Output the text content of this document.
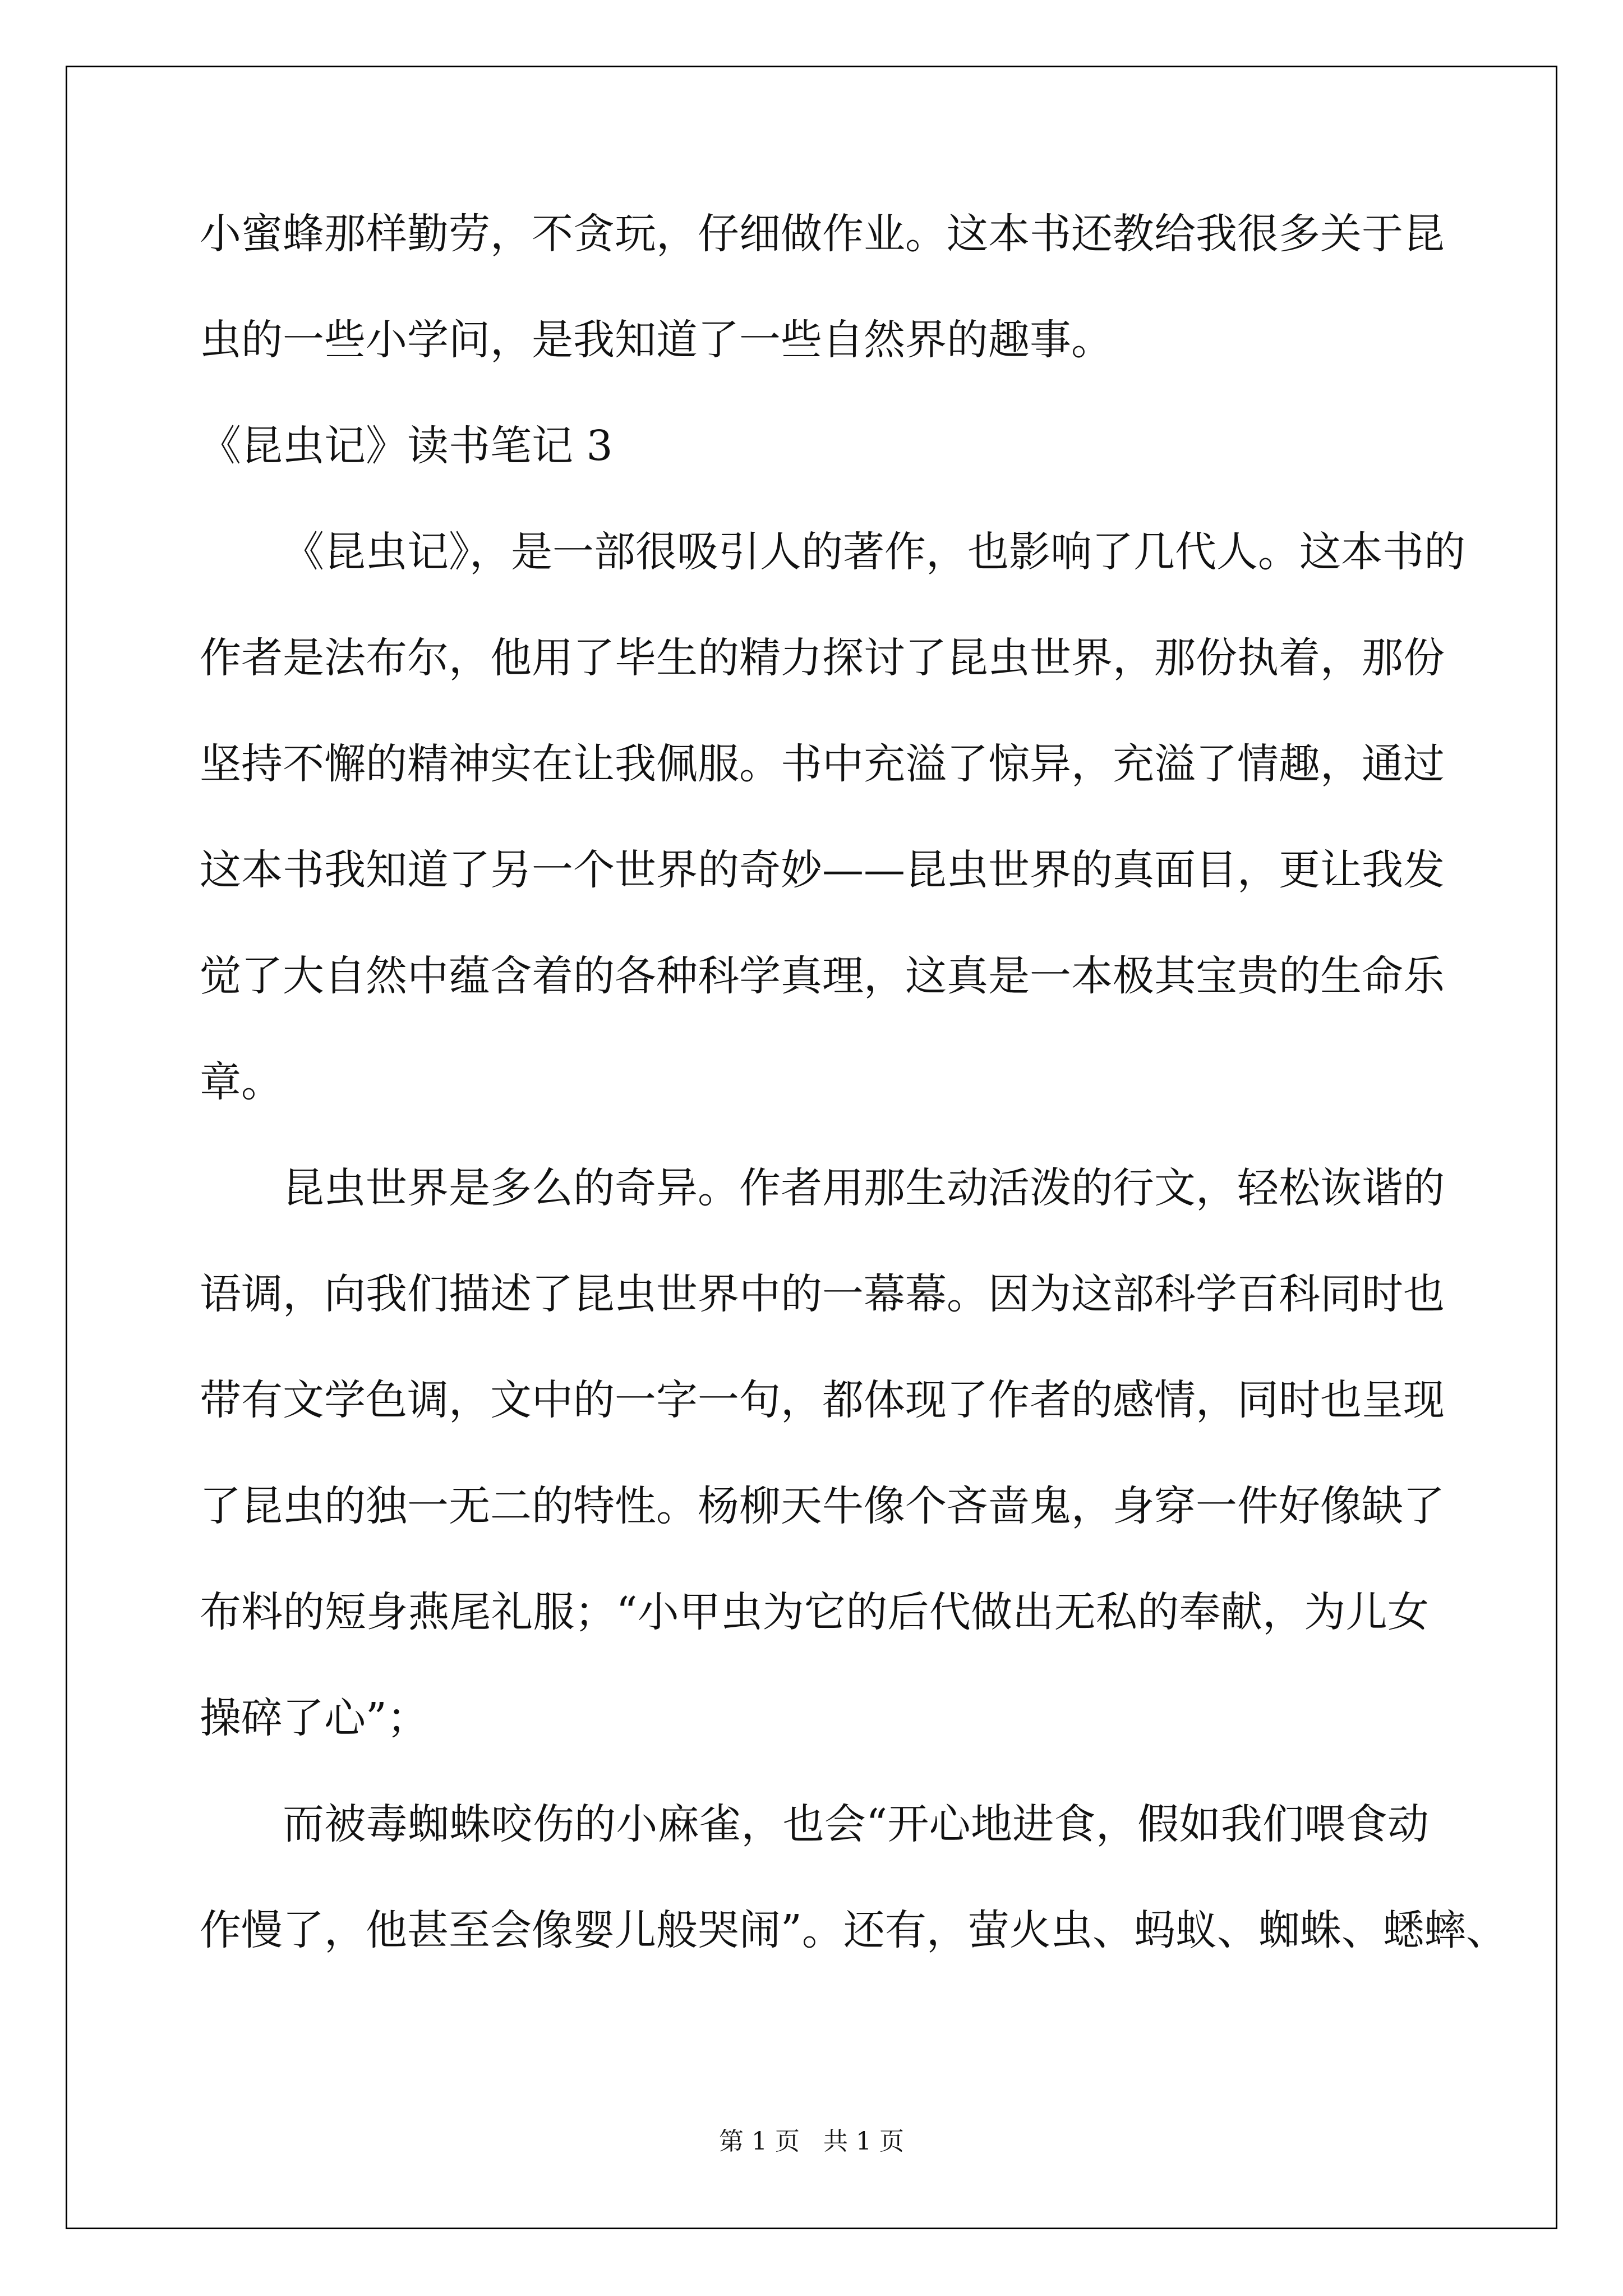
小蜜蜂那样勤劳，不贪玩，仔细做作业。这本书还教给我很多关于昆
虫的一些小学问，是我知道了一些自然界的趣事。
《昆虫记》读书笔记 3
《昆虫记》，是一部很吸引人的著作，也影响了几代人。这本书的
作者是法布尔，他用了毕生的精力探讨了昆虫世界，那份执着，那份
坚持不懈的精神实在让我佩服。书中充溢了惊异，充溢了情趣，通过
这本书我知道了另一个世界的奇妙——昆虫世界的真面目，更让我发
觉了大自然中蕴含着的各种科学真理，这真是一本极其宝贵的生命乐
章。
昆虫世界是多么的奇异。作者用那生动活泼的行文，轻松诙谐的
语调，向我们描述了昆虫世界中的一幕幕。因为这部科学百科同时也
带有文学色调，文中的一字一句，都体现了作者的感情，同时也呈现
了昆虫的独一无二的特性。杨柳天牛像个吝啬鬼，身穿一件好像缺了
布料的短身燕尾礼服；“小甲虫为它的后代做出无私的奉献，为儿女
操碎了心”；
而被毒蜘蛛咬伤的小麻雀，也会“开心地进食，假如我们喂食动
作慢了，他甚至会像婴儿般哭闹”。还有，萤火虫、蚂蚁、蜘蛛、蟋蟀、
第 1 页   共 1 页
